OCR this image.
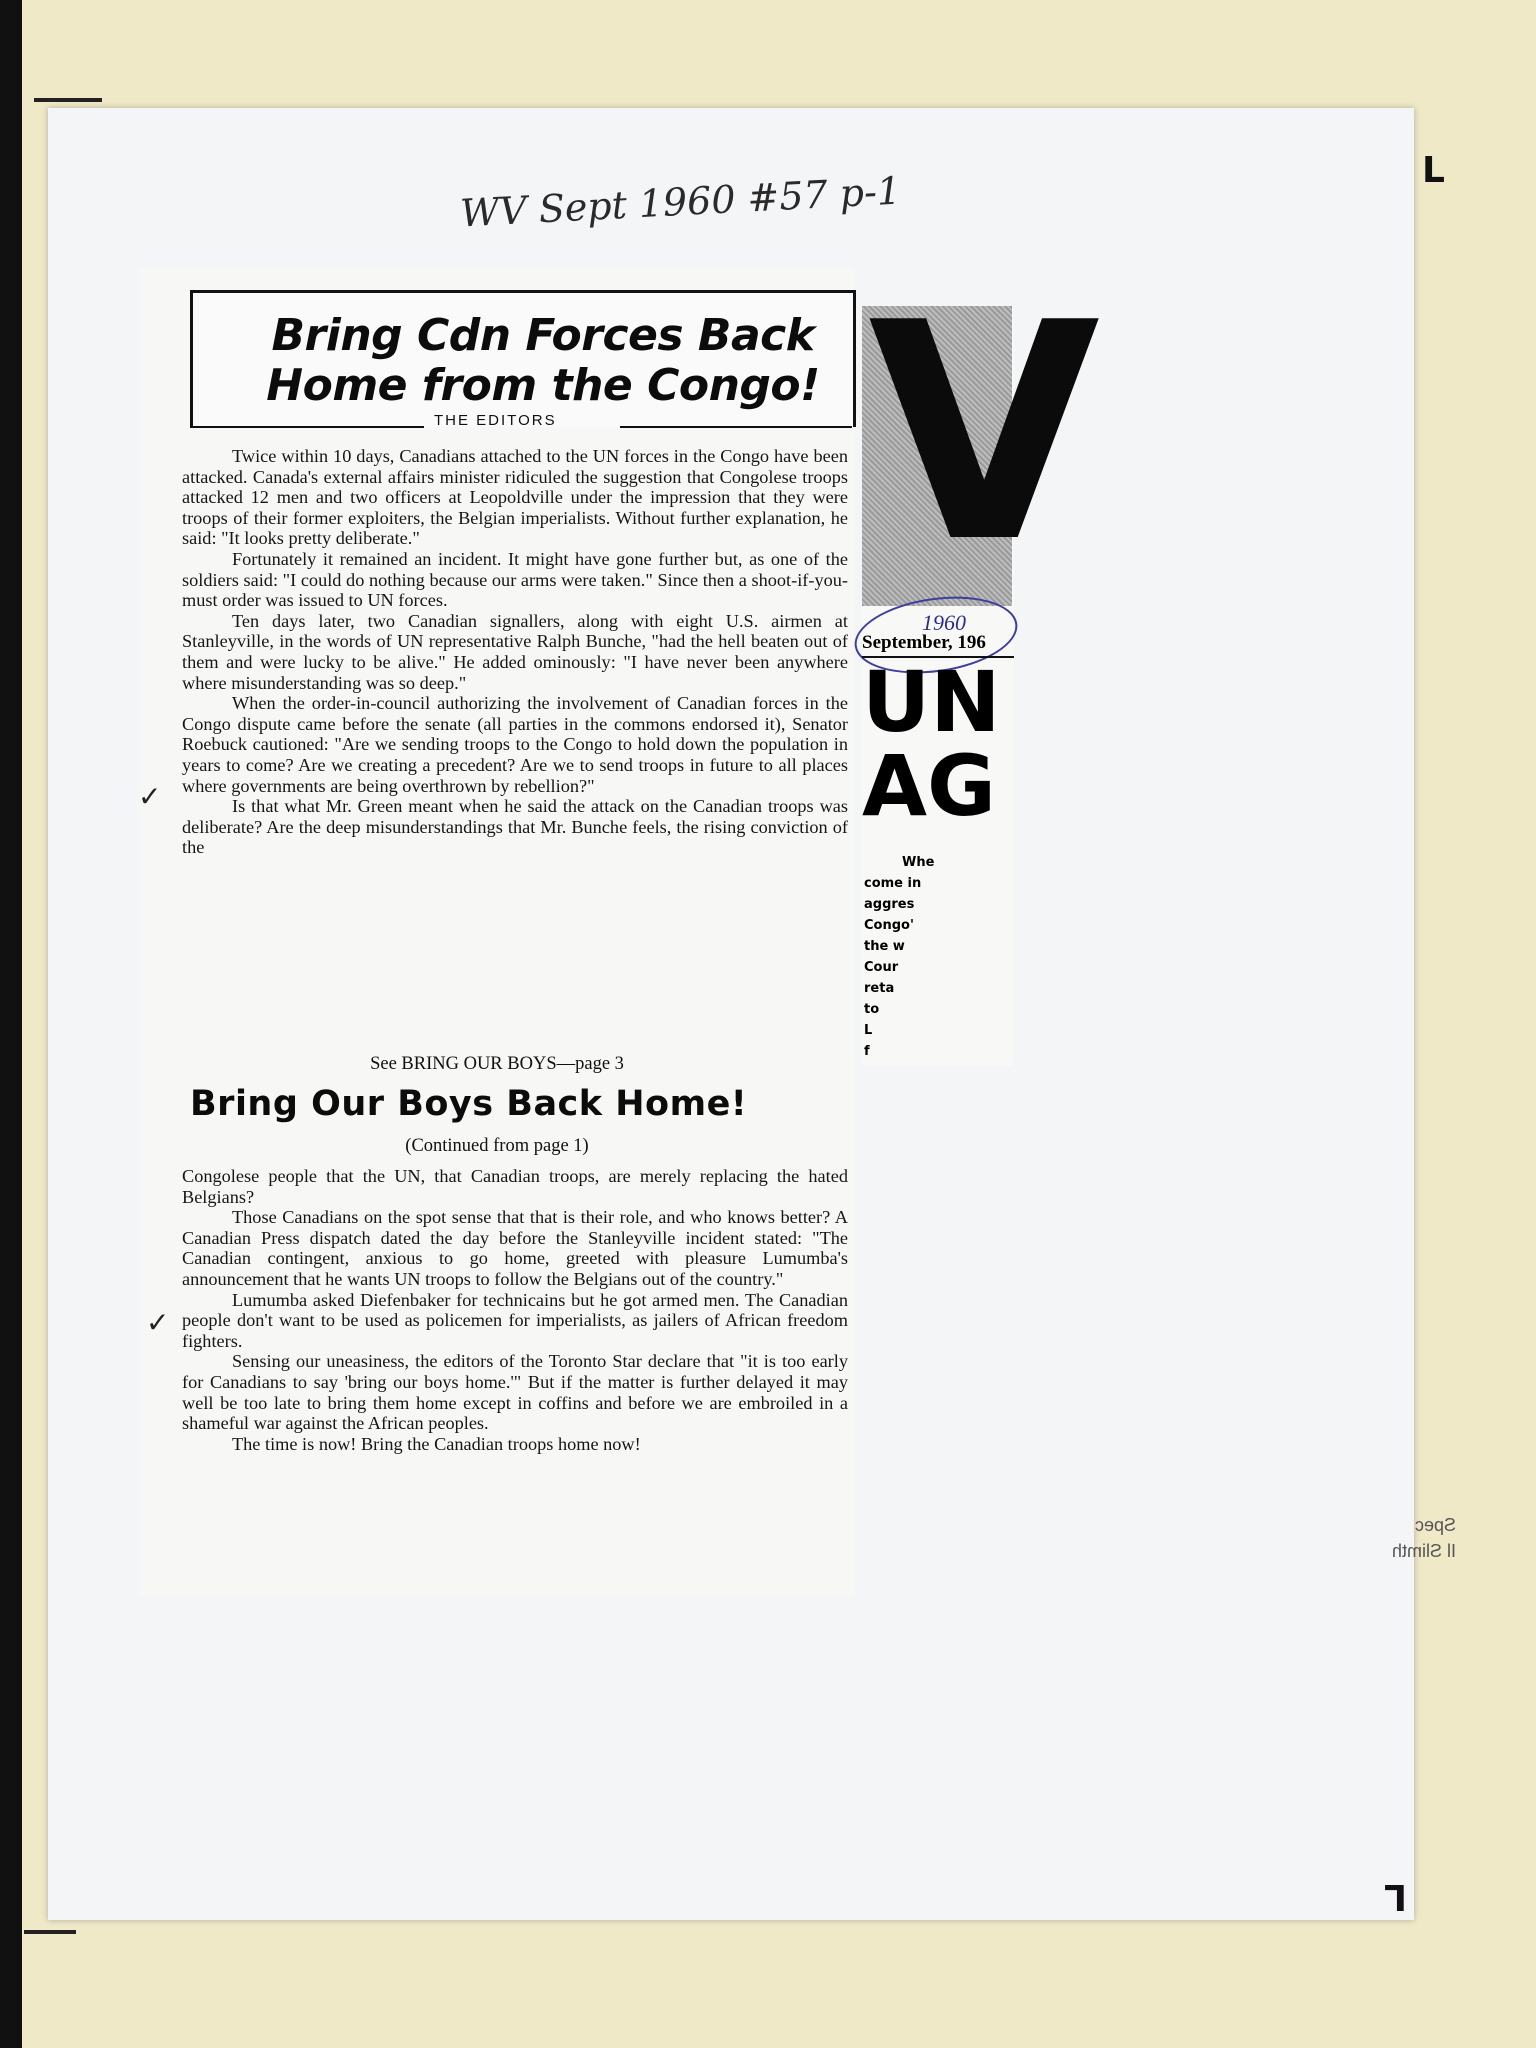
WV Sept 1960 #57 p-1	L
L
Bring Cdn Forces Back Home from the Congo!
THE EDITORS

Twice within 10 days, Canadians attached to the UN forces in the Congo have been attacked. Canada's external affairs minister ridiculed the suggestion that Congolese troops attacked 12 men and two officers at Leopoldville under the impression that they were troops of their former exploiters, the Belgian imperialists. Without further explanation, he said: "It looks pretty deliberate."

Fortunately it remained an incident. It might have gone further but, as one of the soldiers said: "I could do nothing because our arms were taken." Since then a shoot-if-you-must order was issued to UN forces.

Ten days later, two Canadian signallers, along with eight U.S. airmen at Stanleyville, in the words of UN representative Ralph Bunche, "had the hell beaten out of them and were lucky to be alive." He added ominously: "I have never been anywhere where misunderstanding was so deep."

When the order-in-council authorizing the involvement of Canadian forces in the Congo dispute came before the senate (all parties in the commons endorsed it), Senator Roebuck cautioned: "Are we sending troops to the Congo to hold down the population in years to come? Are we creating a precedent? Are we to send troops in future to all places where governments are being overthrown by rebellion?"

Is that what Mr. Green meant when he said the attack on the Canadian troops was deliberate? Are the deep misunderstandings that Mr. Bunche feels, the rising conviction of the

See BRING OUR BOYS—page 3
Bring Our Boys Back Home!
(Continued from page 1)

Congolese people that the UN, that Canadian troops, are merely replacing the hated Belgians?

Those Canadians on the spot sense that that is their role, and who knows better? A Canadian Press dispatch dated the day before the Stanleyville incident stated: "The Canadian contingent, anxious to go home, greeted with pleasure Lumumba's announcement that he wants UN troops to follow the Belgians out of the country."

Lumumba asked Diefenbaker for technicains but he got armed men. The Canadian people don't want to be used as policemen for imperialists, as jailers of African freedom fighters.

Sensing our uneasiness, the editors of the Toronto Star declare that "it is too early for Canadians to say 'bring our boys home.'" But if the matter is further delayed it may well be too late to bring them home except in coffins and before we are embroiled in a shameful war against the African peoples.

The time is now! Bring the Canadian troops home now!

✓
✓
V
1960
September, 196
UN
AG
Whe
come in
aggres
Congo'
the w
Cour
reta
to
L
f
Spec
Il Slimth
